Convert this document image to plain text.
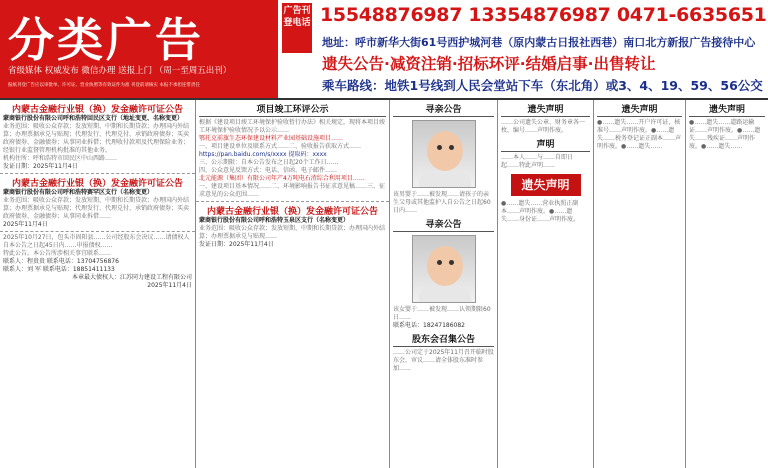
分类广告
省级媒体 权威发布 微信办理 送报上门 （周一至周五出刊）
报纸刊登广告应以审批单、许可证、营业执照等有效证件为准 刊登前请核实 本报不承担连带责任
广告刊登电话 15548876987 13354876987 0471-6635651
地址：呼市新华大街61号西护城河巷（原内蒙古日报社西巷）南口北方新报广告接待中心
遗失公告·减资注销·招标环评·结婚启事·出售转让
乘车路线：地铁1号线到人民会堂站下车（东北角）或3、4、19、59、56公交
内蒙古金融行业银（换）发金融许可证公告
蒙商银行股份有限公司呼和浩特回民区支行（地址变更、名称变更）
业务范围：吸收公众存款；发放短期、中期和长期贷款；办理国内外结算；办理票据承兑与贴现；代理发行、代理兑付、承销政府债券；买卖政府债券、金融债券；从事同业拆借；代理收付款项及代理保险业务；经银行业监督管理机构批准的其他业务。
机构住所：呼和浩特市回民区中山西路……
发证日期：2025年11月4日
内蒙古金融行业银（换）发金融许可证公告
蒙商银行股份有限公司呼和浩特赛罕区支行（名称变更）
业务范围：吸收公众存款；发放短期、中期和长期贷款；办理国内外结算；办理票据承兑与贴现；代理发行、代理兑付、承销政府债券；买卖政府债券、金融债券；从事同业拆借……
2025年11月4日
2025年10月27日，包头市固阳县……公司经股东会决议……请债权人自本公告之日起45日内……申报债权……
特此公告。本公告所涉相关事宜联系……
联系人：程贵贵 联系电话：13704756876
联系人：刘 军 联系电话：18851411133
本章最大债权人：江苏同力建设工程有限公司
2025年11月4日
项目竣工环评公示
根据《建设项目竣工环境保护验收暂行办法》相关规定，现将本项目竣工环境保护验收情况予以公示……
鄂托克前旗生态环保建设材料产业园基础设施项目……
一、项目建设单位及联系方式……二、验收报告获取方式……
https://pan.baidu.com/s/xxxx 提取码：xxxx
三、公示期限：自本公告发布之日起20个工作日……
四、公众意见反馈方式：电话、信函、电子邮件……
北元能源（集团）有限公司年产4万吨电石渣综合利用项目……
一、建设项目基本情况……二、环境影响报告书征求意见稿……三、征求意见的公众范围……
内蒙古金融行业银（换）发金融许可证公告
蒙商银行股份有限公司呼和浩特玉泉区支行（名称变更）
业务范围：吸收公众存款；发放短期、中期和长期贷款；办理国内外结算；办理票据承兑与贴现……
发证日期：2025年11月4日
寻亲公告
该男婴于……被发现……请孩子的亲生父母或其他监护人自公告之日起60日内……
寻亲公告
该女婴于……被发现……认领期限60日……
联系电话：18247186082
股东会召集公告
……公司定于2025年11月召开临时股东会，审议……请全体股东准时参加……
遗失声明
……公司遗失公章、财务章各一枚，编号……声明作废。
声明
……本人……与……自即日起……特此声明……
遗失声明
●……遗失……营业执照正副本……声明作废。●……遗失……身份证……声明作废。
遗失声明
●……遗失……开户许可证，核准号……声明作废。●……遗失……税务登记证正副本……声明作废。●……遗失……
遗失声明
●……遗失……道路运输证……声明作废。●……遗失……残疾证……声明作废。●……遗失……
